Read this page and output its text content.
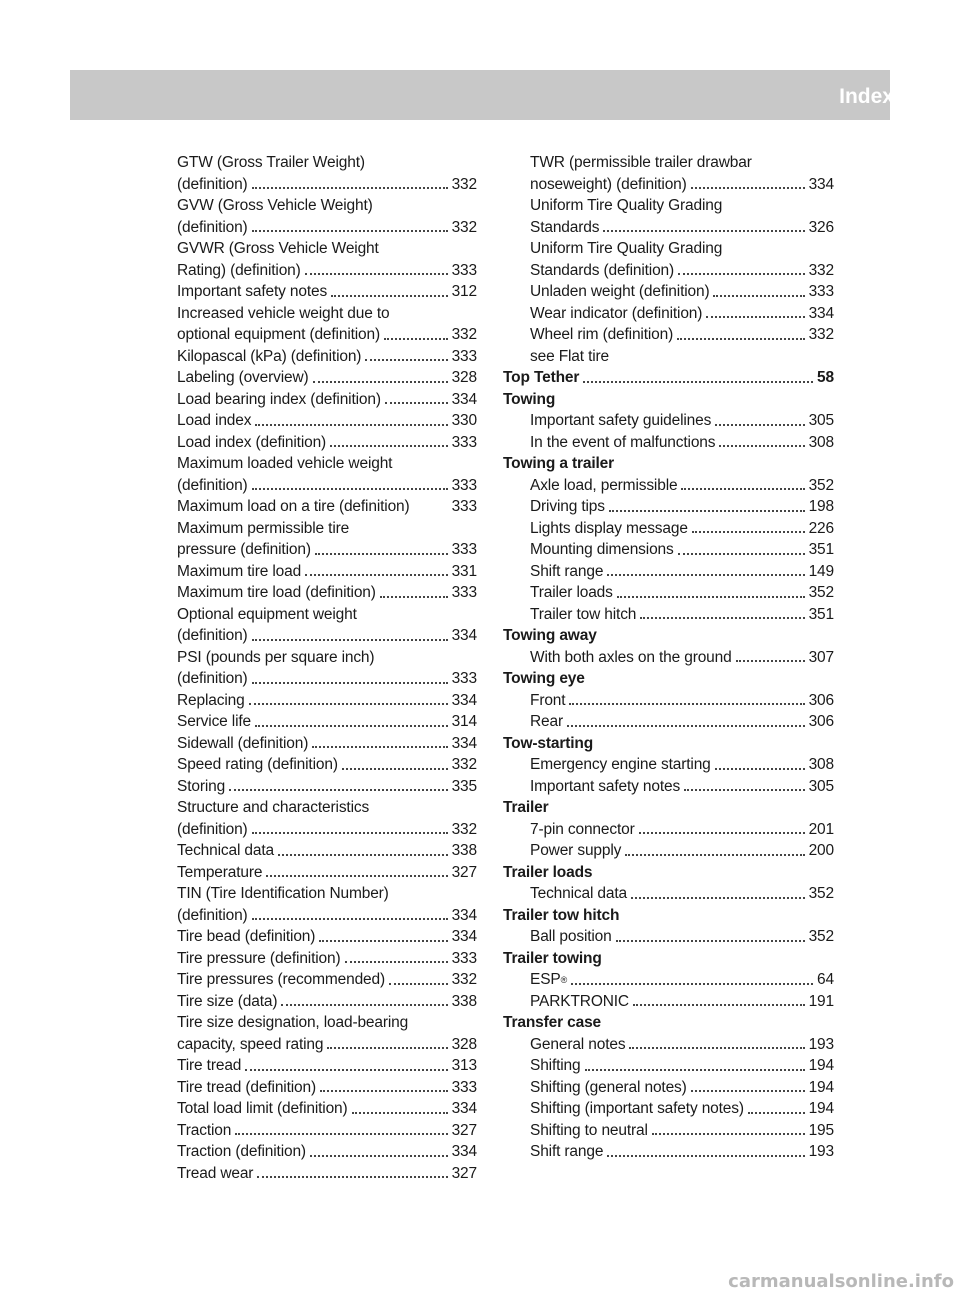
Index	17
GTW (Gross Trailer Weight)
(definition)	332
GVW (Gross Vehicle Weight)
(definition)	332
GVWR (Gross Vehicle Weight
Rating) (definition)	333
Important safety notes	312
Increased vehicle weight due to
optional equipment (definition)	332
Kilopascal (kPa) (definition)	333
Labeling (overview)	328
Load bearing index (definition)	334
Load index	330
Load index (definition)	333
Maximum loaded vehicle weight
(definition)	333
Maximum load on a tire (definition)	333
Maximum permissible tire
pressure (definition)	333
Maximum tire load	331
Maximum tire load (definition)	333
Optional equipment weight
(definition)	334
PSI (pounds per square inch)
(definition)	333
Replacing	334
Service life	314
Sidewall (definition)	334
Speed rating (definition)	332
Storing	335
Structure and characteristics
(definition)	332
Technical data	338
Temperature	327
TIN (Tire Identification Number)
(definition)	334
Tire bead (definition)	334
Tire pressure (definition)	333
Tire pressures (recommended)	332
Tire size (data)	338
Tire size designation, load-bearing
capacity, speed rating	328
Tire tread	313
Tire tread (definition)	333
Total load limit (definition)	334
Traction	327
Traction (definition)	334
Tread wear	327
TWR (permissible trailer drawbar
noseweight) (definition)	334
Uniform Tire Quality Grading
Standards	326
Uniform Tire Quality Grading
Standards (definition)	332
Unladen weight (definition)	333
Wear indicator (definition)	334
Wheel rim (definition)	332
see Flat tire
Top Tether	58
Towing
Important safety guidelines	305
In the event of malfunctions	308
Towing a trailer
Axle load, permissible	352
Driving tips	198
Lights display message	226
Mounting dimensions	351
Shift range	149
Trailer loads	352
Trailer tow hitch	351
Towing away
With both axles on the ground	307
Towing eye
Front	306
Rear	306
Tow-starting
Emergency engine starting	308
Important safety notes	305
Trailer
7-pin connector	201
Power supply	200
Trailer loads
Technical data	352
Trailer tow hitch
Ball position	352
Trailer towing
ESP®	64
PARKTRONIC	191
Transfer case
General notes	193
Shifting	194
Shifting (general notes)	194
Shifting (important safety notes)	194
Shifting to neutral	195
Shift range	193
carmanualsonline.info
